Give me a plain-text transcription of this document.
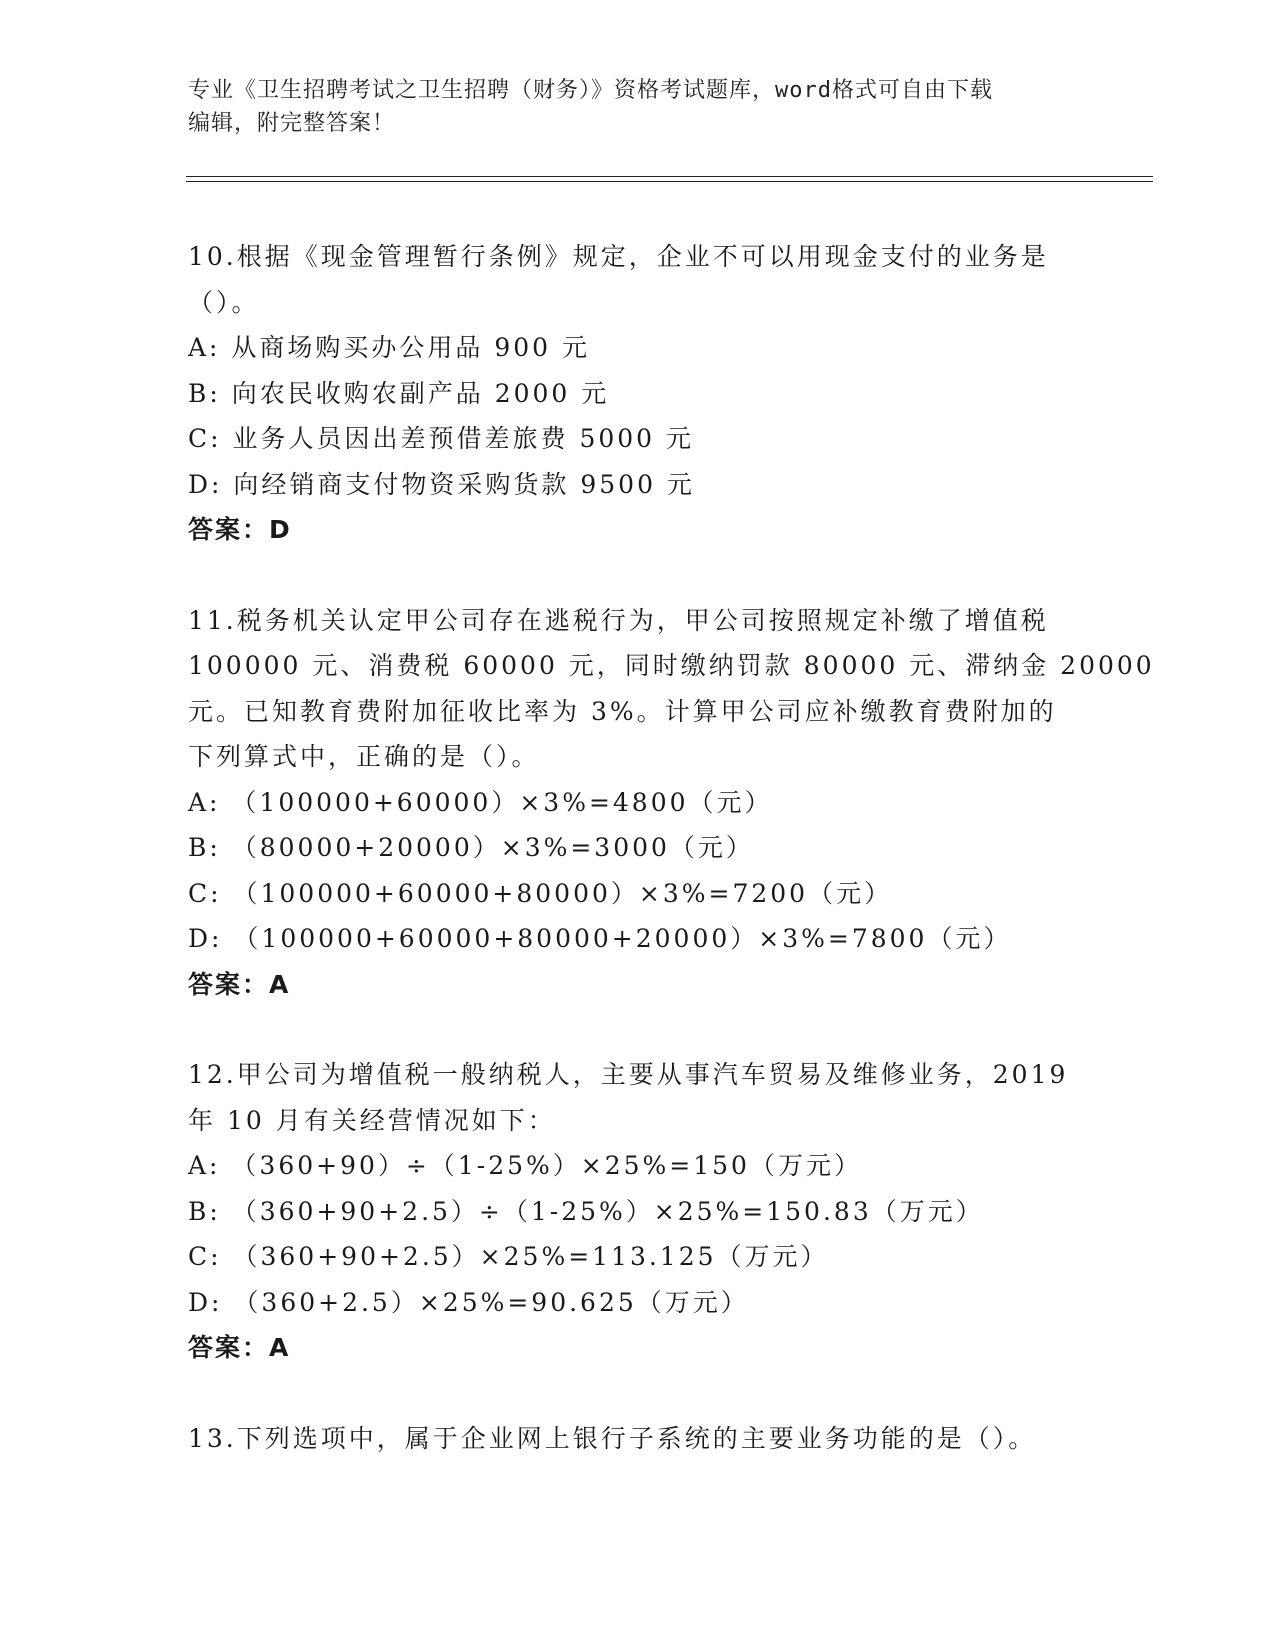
专业《卫生招聘考试之卫生招聘（财务）》资格考试题库，word格式可自由下载
编辑，附完整答案！
10.根据《现金管理暂行条例》规定，企业不可以用现金支付的业务是
（）。
A: 从商场购买办公用品 900 元
B: 向农民收购农副产品 2000 元
C: 业务人员因出差预借差旅费 5000 元
D: 向经销商支付物资采购货款 9500 元
答案：D
11.税务机关认定甲公司存在逃税行为，甲公司按照规定补缴了增值税
100000 元、消费税 60000 元，同时缴纳罚款 80000 元、滞纳金 20000
元。已知教育费附加征收比率为 3%。计算甲公司应补缴教育费附加的
下列算式中，正确的是（）。
A: （100000+60000）×3%=4800（元）
B: （80000+20000）×3%=3000（元）
C: （100000+60000+80000）×3%=7200（元）
D: （100000+60000+80000+20000）×3%=7800（元）
答案：A
12.甲公司为增值税一般纳税人，主要从事汽车贸易及维修业务，2019
年 10 月有关经营情况如下：
A: （360+90）÷（1-25%）×25%=150（万元）
B: （360+90+2.5）÷（1-25%）×25%=150.83（万元）
C: （360+90+2.5）×25%=113.125（万元）
D: （360+2.5）×25%=90.625（万元）
答案：A
13.下列选项中，属于企业网上银行子系统的主要业务功能的是（）。
